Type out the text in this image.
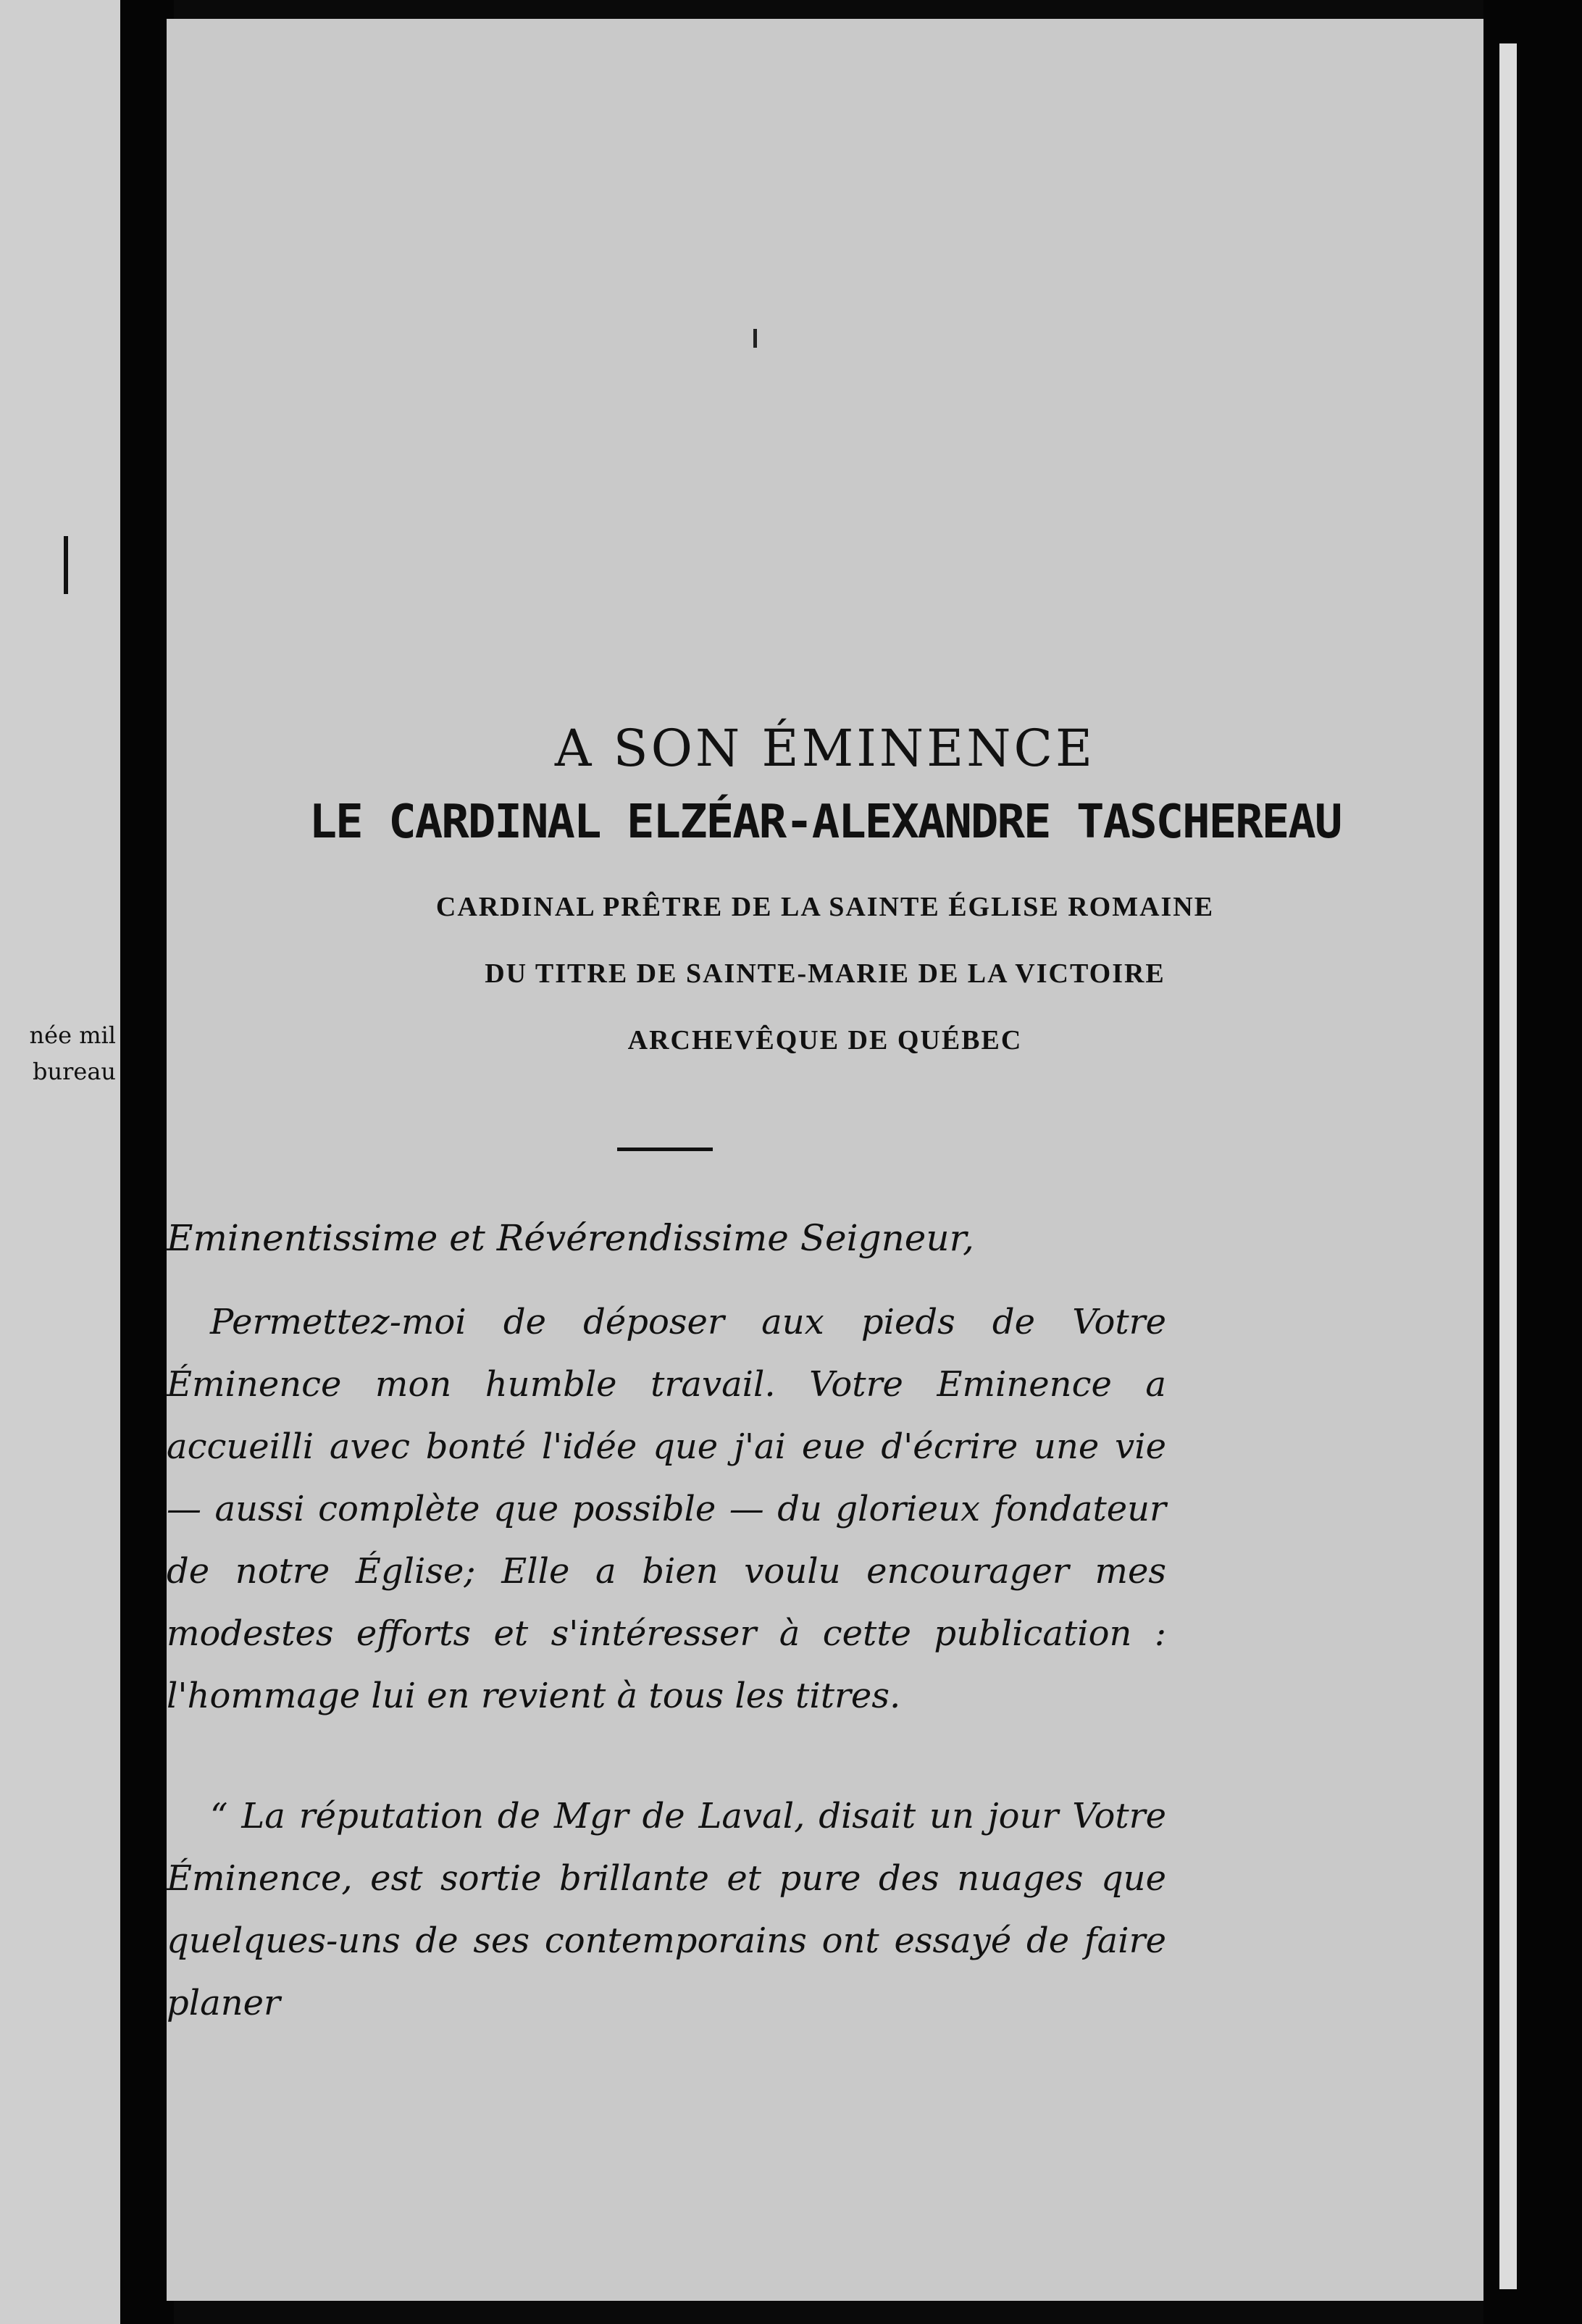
née mil
bureau
A SON ÉMINENCE
LE CARDINAL ELZÉAR-ALEXANDRE TASCHEREAU
CARDINAL PRÊTRE DE LA SAINTE ÉGLISE ROMAINE
DU TITRE DE SAINTE-MARIE DE LA VICTOIRE
ARCHEVÊQUE DE QUÉBEC
Eminentissime et Révérendissime Seigneur,
Permettez-moi de déposer aux pieds de Votre Éminence mon humble travail. Votre Eminence a accueilli avec bonté l'idée que j'ai eue d'écrire une vie — aussi complète que possible — du glorieux fondateur de notre Église; Elle a bien voulu encourager mes modestes efforts et s'intéresser à cette publication : l'hommage lui en revient à tous les titres.
“ La réputation de Mgr de Laval, disait un jour Votre Éminence, est sortie brillante et pure des nuages que quelques-uns de ses contemporains ont essayé de faire planer
